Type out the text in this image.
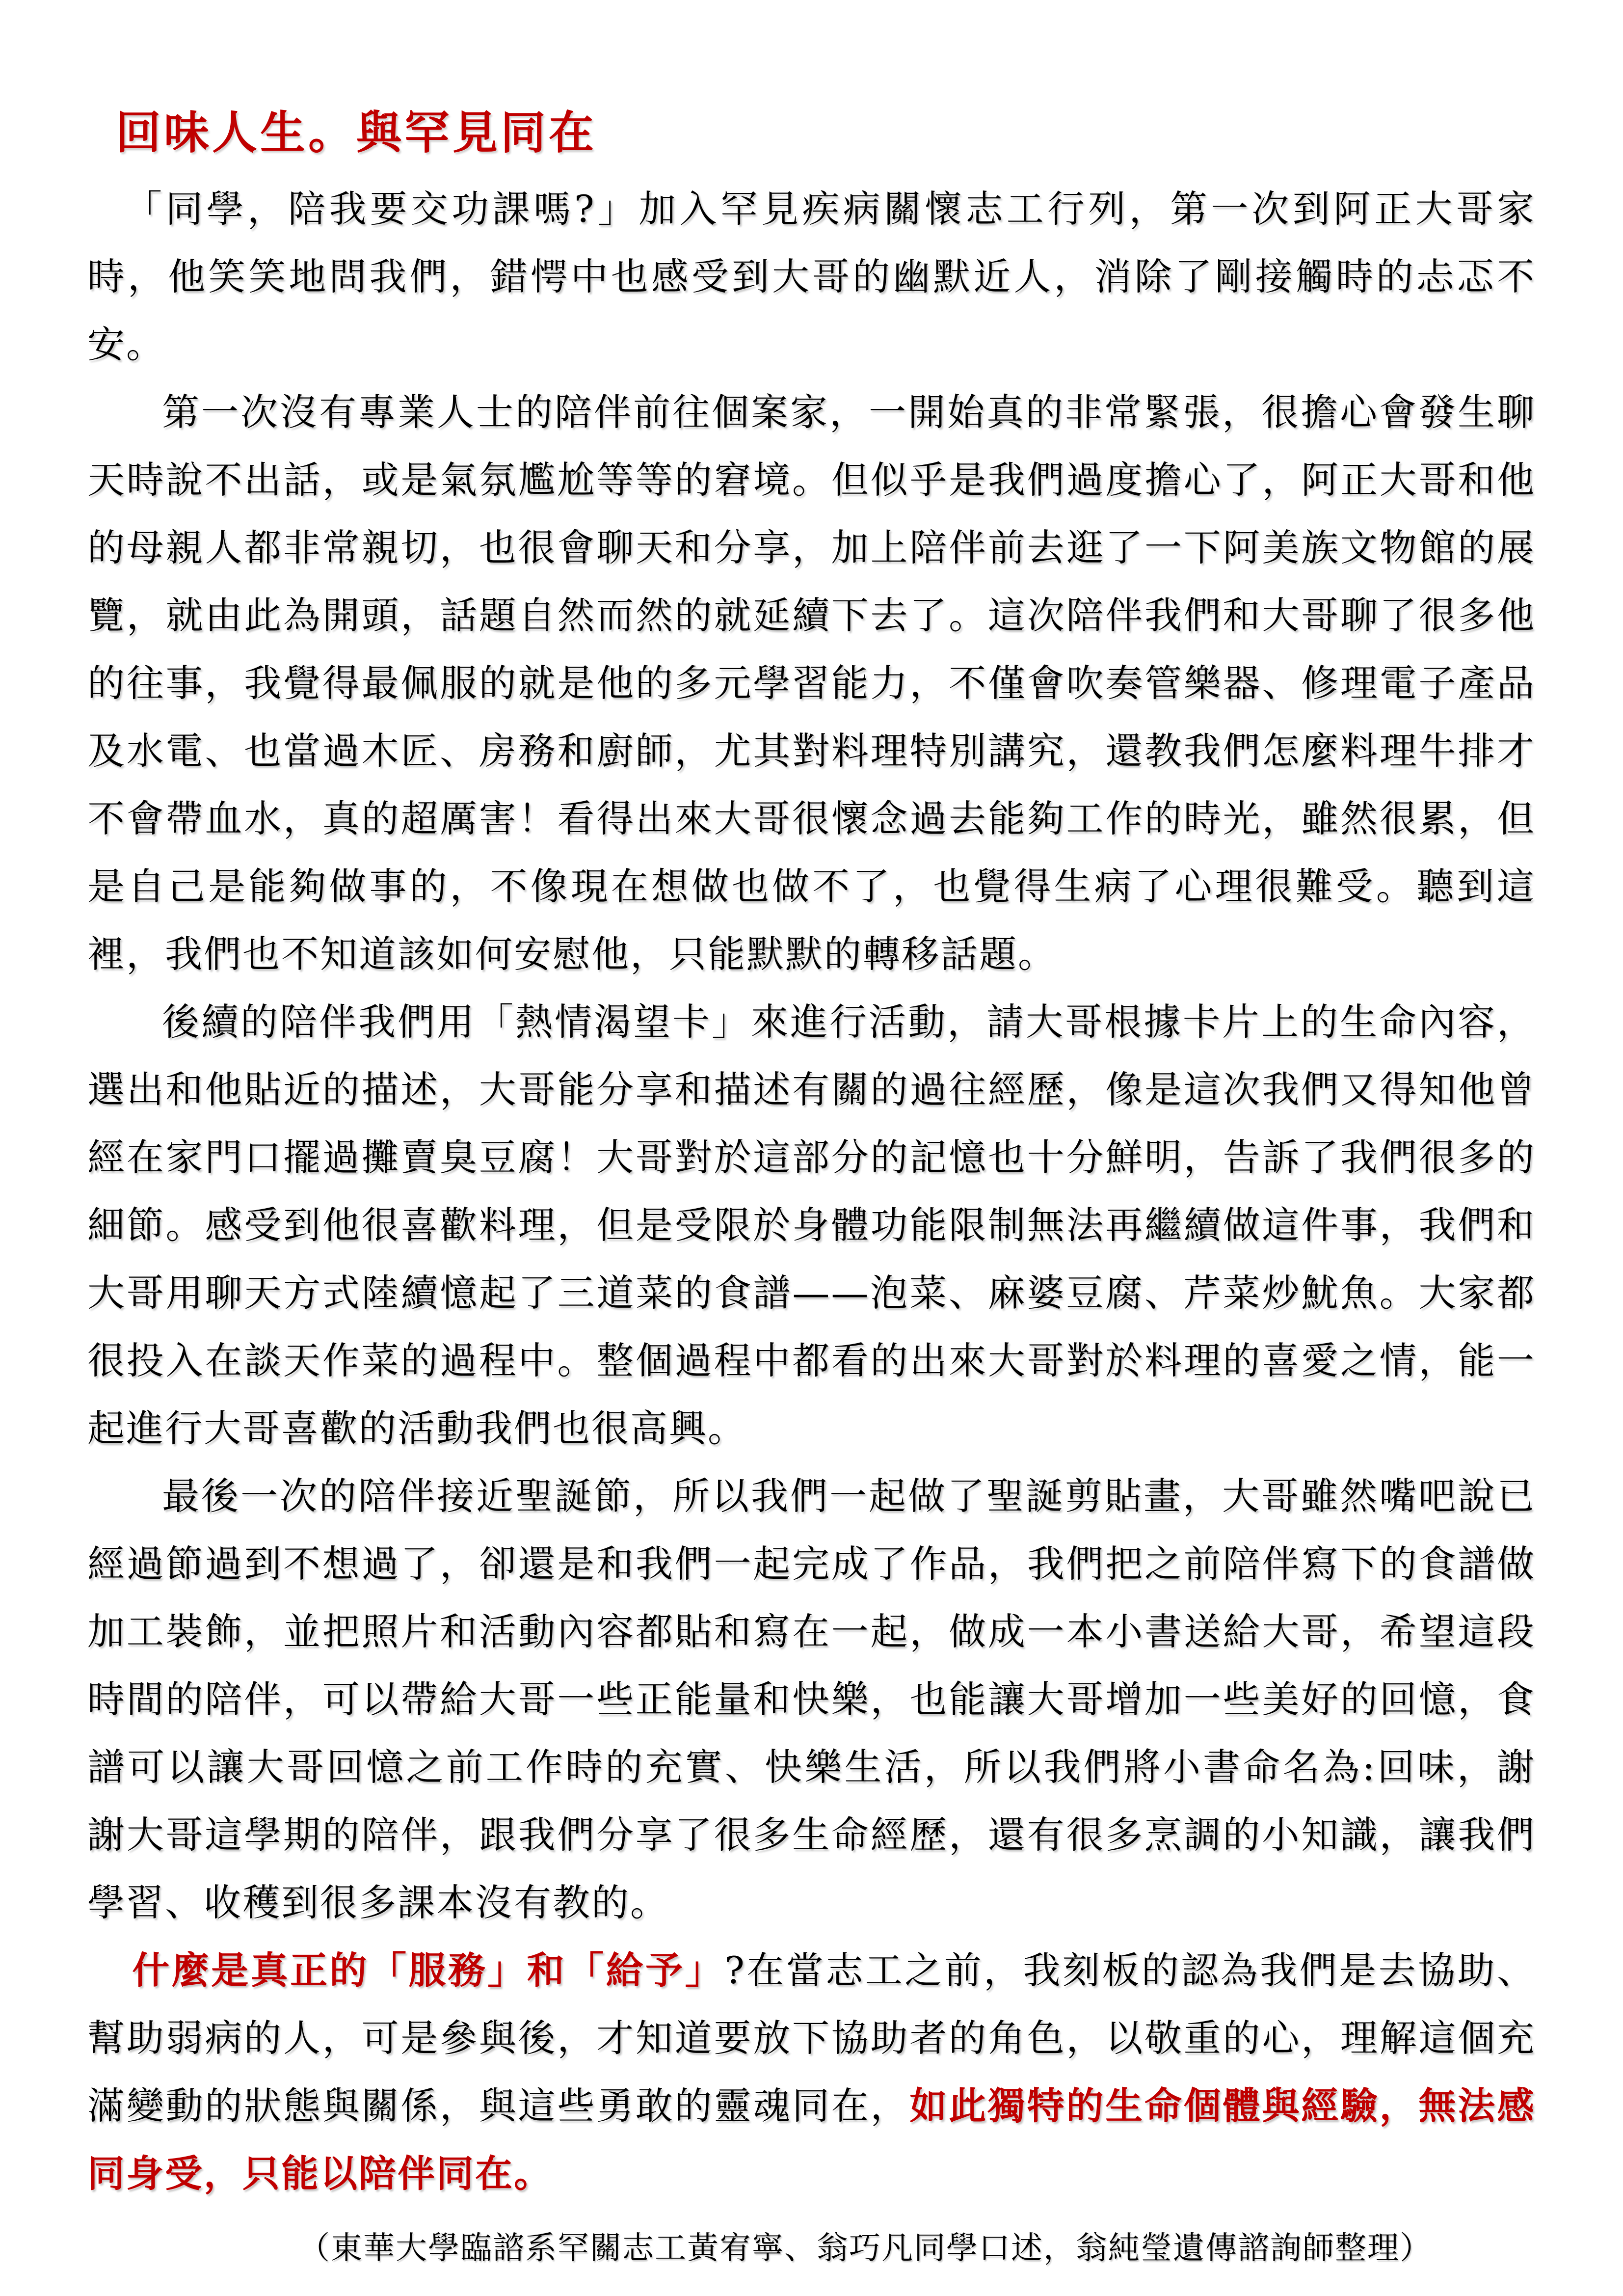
回味人生。與罕見同在

「同學，陪我要交功課嗎?」加入罕見疾病關懷志工行列，第一次到阿正大哥家時，他笑笑地問我們，錯愕中也感受到大哥的幽默近人，消除了剛接觸時的忐忑不安。

第一次沒有專業人士的陪伴前往個案家，一開始真的非常緊張，很擔心會發生聊天時說不出話，或是氣氛尷尬等等的窘境。但似乎是我們過度擔心了，阿正大哥和他的母親人都非常親切，也很會聊天和分享，加上陪伴前去逛了一下阿美族文物館的展覽，就由此為開頭，話題自然而然的就延續下去了。這次陪伴我們和大哥聊了很多他的往事，我覺得最佩服的就是他的多元學習能力，不僅會吹奏管樂器、修理電子產品及水電、也當過木匠、房務和廚師，尤其對料理特別講究，還教我們怎麼料理牛排才不會帶血水，真的超厲害！看得出來大哥很懷念過去能夠工作的時光，雖然很累，但是自己是能夠做事的，不像現在想做也做不了，也覺得生病了心理很難受。聽到這裡，我們也不知道該如何安慰他，只能默默的轉移話題。

後續的陪伴我們用「熱情渴望卡」來進行活動，請大哥根據卡片上的生命內容，選出和他貼近的描述，大哥能分享和描述有關的過往經歷，像是這次我們又得知他曾經在家門口擺過攤賣臭豆腐！大哥對於這部分的記憶也十分鮮明，告訴了我們很多的細節。感受到他很喜歡料理，但是受限於身體功能限制無法再繼續做這件事，我們和大哥用聊天方式陸續憶起了三道菜的食譜——泡菜、麻婆豆腐、芹菜炒魷魚。大家都很投入在談天作菜的過程中。整個過程中都看的出來大哥對於料理的喜愛之情，能一起進行大哥喜歡的活動我們也很高興。

最後一次的陪伴接近聖誕節，所以我們一起做了聖誕剪貼畫，大哥雖然嘴吧說已經過節過到不想過了，卻還是和我們一起完成了作品，我們把之前陪伴寫下的食譜做加工裝飾，並把照片和活動內容都貼和寫在一起，做成一本小書送給大哥，希望這段時間的陪伴，可以帶給大哥一些正能量和快樂，也能讓大哥增加一些美好的回憶，食譜可以讓大哥回憶之前工作時的充實、快樂生活，所以我們將小書命名為:回味，謝謝大哥這學期的陪伴，跟我們分享了很多生命經歷，還有很多烹調的小知識，讓我們學習、收穫到很多課本沒有教的。

什麼是真正的「服務」和「給予」?在當志工之前，我刻板的認為我們是去協助、幫助弱病的人，可是參與後，才知道要放下協助者的角色，以敬重的心，理解這個充滿變動的狀態與關係，與這些勇敢的靈魂同在，如此獨特的生命個體與經驗，無法感同身受，只能以陪伴同在。

（東華大學臨諮系罕關志工黃宥寧、翁巧凡同學口述，翁純瑩遺傳諮詢師整理）
